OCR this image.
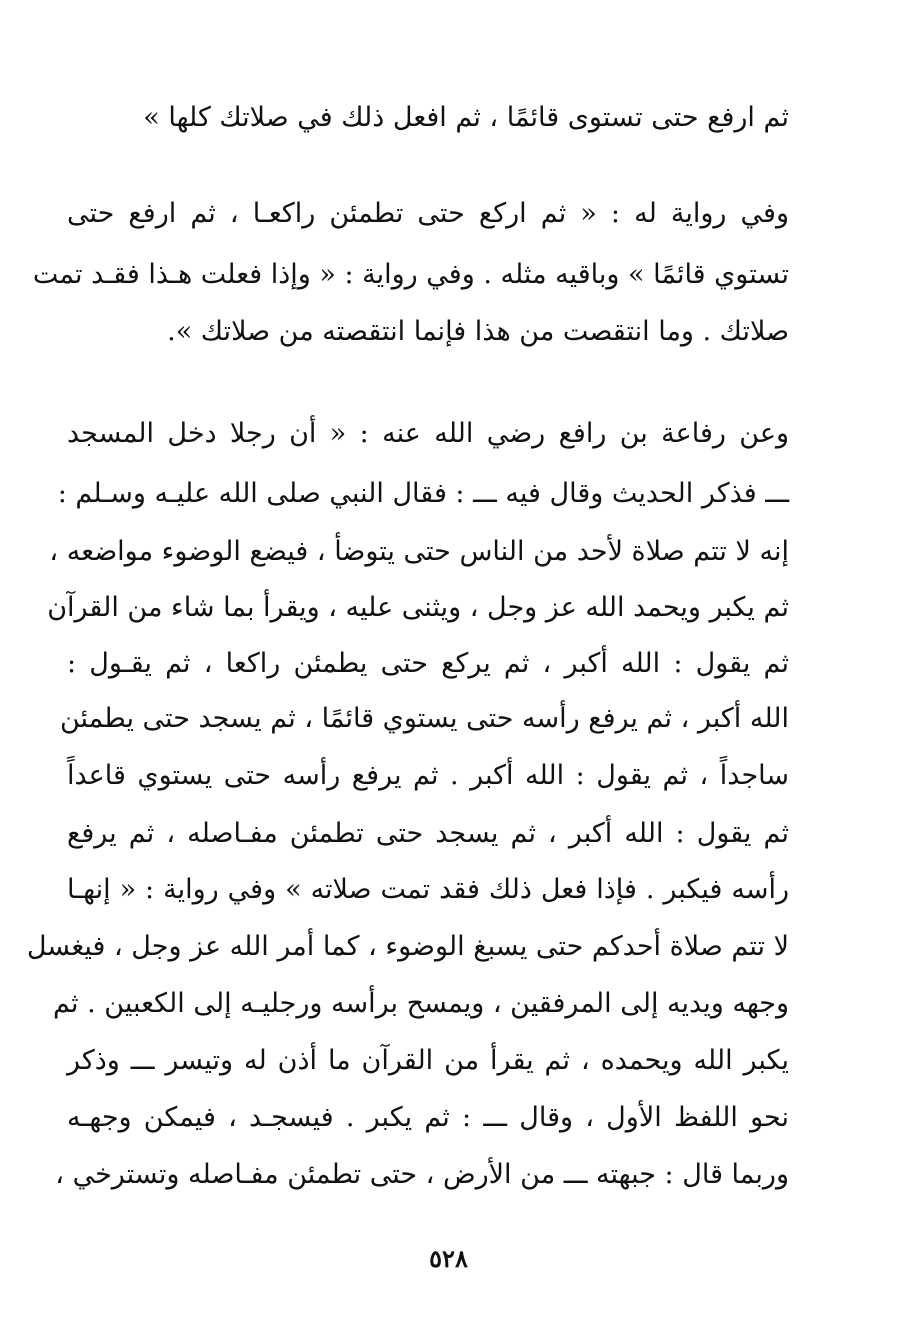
ثم ارفع حتى تستوى قائمًا ، ثم افعل ذلك في صلاتك كلها »
وفي رواية له : « ثم اركع حتى تطمئن راكعـا ، ثم ارفع حتى
تستوي قائمًا » وباقيه مثله . وفي رواية : « وإذا فعلت هـذا فقـد تمت
صلاتك . وما انتقصت من هذا فإنما انتقصته من صلاتك ».
وعن رفاعة بن رافع رضي الله عنه : « أن رجلا دخل المسجد
ـــ فذكر الحديث وقال فيه ـــ : فقال النبي صلى الله عليـه وسـلم :
إنه لا تتم صلاة لأحد من الناس حتى يتوضأ ، فيضع الوضوء مواضعه ،
ثم يكبر ويحمد الله عز وجل ، ويثنى عليه ، ويقرأ بما شاء من القرآن
ثم يقول : الله أكبر ، ثم يركع حتى يطمئن راكعا ، ثم يقـول :
الله أكبر ، ثم يرفع رأسه حتى يستوي قائمًا ، ثم يسجد حتى يطمئن
ساجداً ، ثم يقول : الله أكبر . ثم يرفع رأسه حتى يستوي قاعداً
ثم يقول : الله أكبر ، ثم يسجد حتى تطمئن مفـاصله ، ثم يرفع
رأسه فيكبر . فإذا فعل ذلك فقد تمت صلاته » وفي رواية : « إنهـا
لا تتم صلاة أحدكم حتى يسبغ الوضوء ، كما أمر الله عز وجل ، فيغسل
وجهه ويديه إلى المرفقين ، ويمسح برأسه ورجليـه إلى الكعبين . ثم
يكبر الله ويحمده ، ثم يقرأ من القرآن ما أذن له وتيسر ـــ وذكر
نحو اللفظ الأول ، وقال ـــ : ثم يكبر . فيسجـد ، فيمكن وجهـه
وربما قال : جبهته ـــ من الأرض ، حتى تطمئن مفـاصله وتسترخي ،
٥٢٨
